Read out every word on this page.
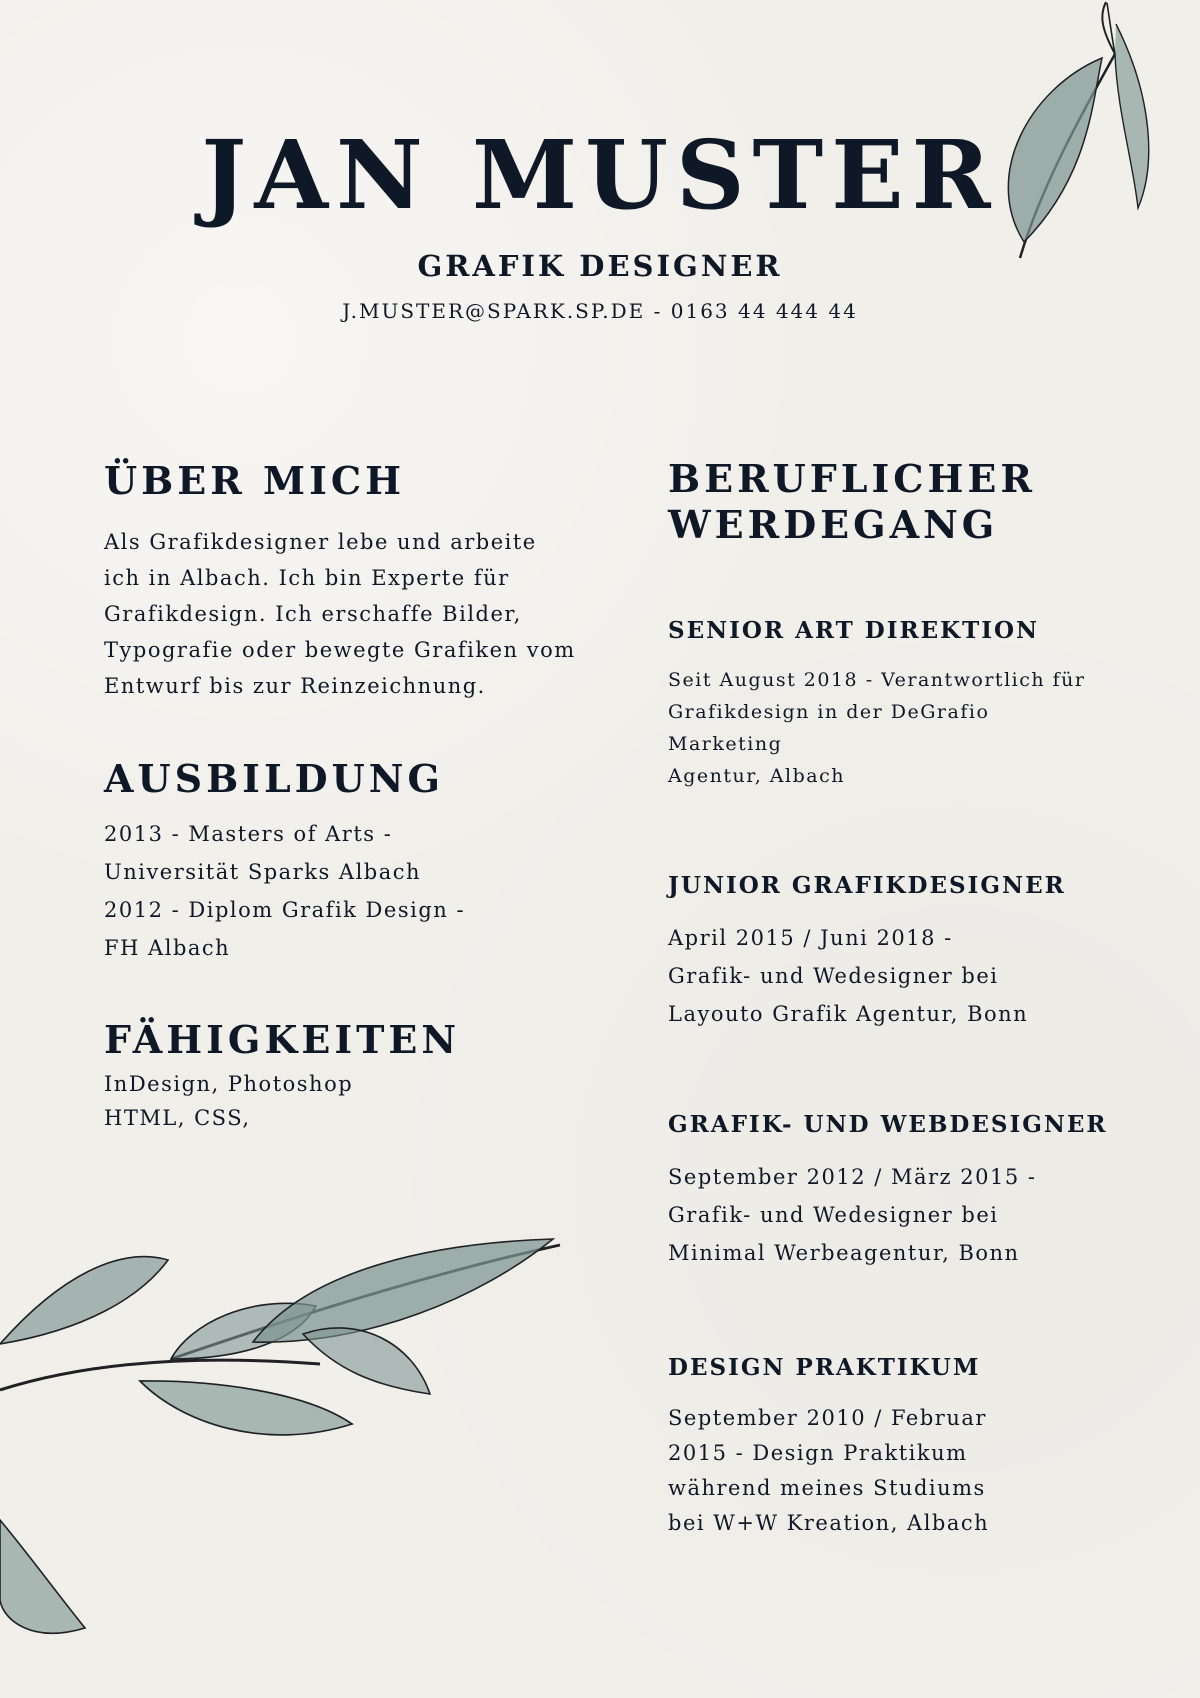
JAN MUSTER
GRAFIK DESIGNER
J.MUSTER@SPARK.SP.DE - 0163 44 444 44
ÜBER MICH
Als Grafikdesigner lebe und arbeite
ich in Albach. Ich bin Experte für
Grafikdesign. Ich erschaffe Bilder,
Typografie oder bewegte Grafiken vom
Entwurf bis zur Reinzeichnung.
AUSBILDUNG
2013 - Masters of Arts -
Universität Sparks Albach
2012 - Diplom Grafik Design -
FH Albach
FÄHIGKEITEN
InDesign, Photoshop
HTML, CSS,
BERUFLICHER
WERDEGANG
SENIOR ART DIREKTION
Seit August 2018 - Verantwortlich für
Grafikdesign in der DeGrafio Marketing
Agentur, Albach
JUNIOR GRAFIKDESIGNER
April 2015 / Juni 2018 -
Grafik- und Wedesigner bei
Layouto Grafik Agentur, Bonn
GRAFIK- UND WEBDESIGNER
September 2012 / März 2015 -
Grafik- und Wedesigner bei
Minimal Werbeagentur, Bonn
DESIGN PRAKTIKUM
September 2010 / Februar
2015 - Design Praktikum
während meines Studiums
bei W+W Kreation, Albach
